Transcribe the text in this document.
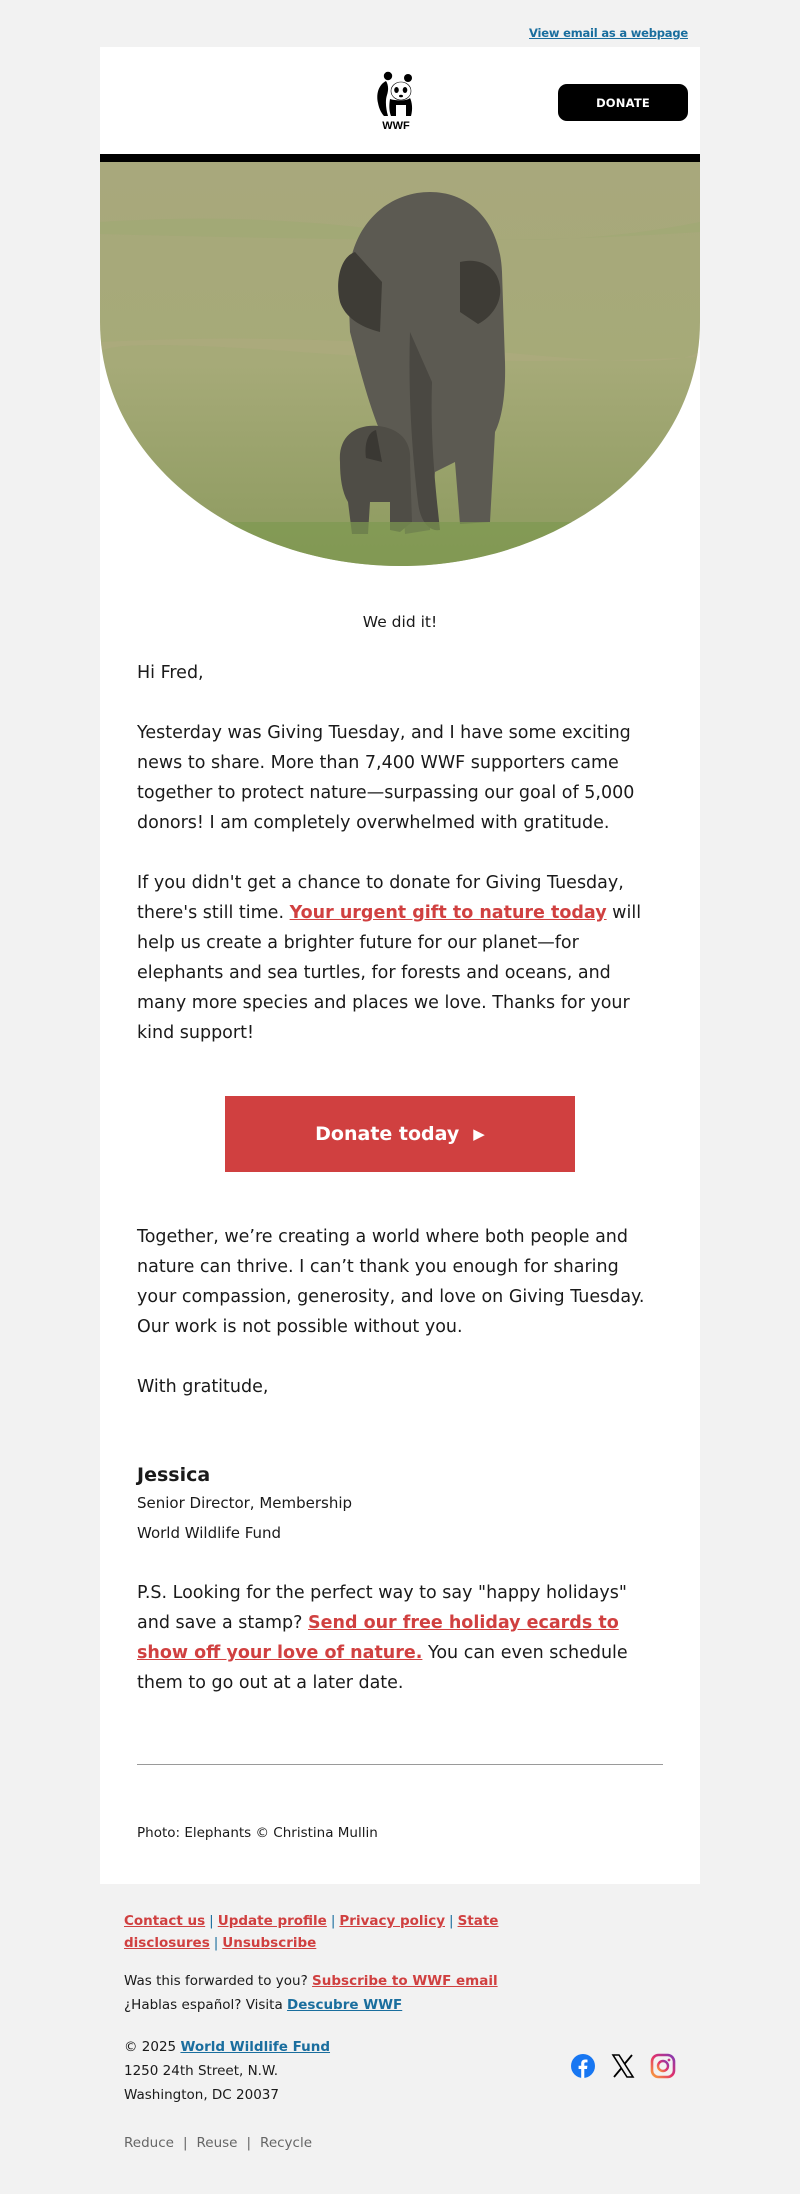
View email as a webpage
WWF
DONATE
We did it!

Hi Fred,

Yesterday was Giving Tuesday, and I have some exciting news to share. More than 7,400 WWF supporters came together to protect nature—surpassing our goal of 5,000 donors! I am completely overwhelmed with gratitude.

If you didn't get a chance to donate for Giving Tuesday, there's still time. Your urgent gift to nature today will help us create a brighter future for our planet—for elephants and sea turtles, for forests and oceans, and many more species and places we love. Thanks for your kind support!

Donate today ▶

Together, we’re creating a world where both people and nature can thrive. I can’t thank you enough for sharing your compassion, generosity, and love on Giving Tuesday. Our work is not possible without you.

With gratitude,

Jessica
Senior Director, Membership
World Wildlife Fund

P.S. Looking for the perfect way to say "happy holidays" and save a stamp? Send our free holiday ecards to show off your love of nature. You can even schedule them to go out at a later date.

Photo: Elephants © Christina Mullin
Contact us | Update profile | Privacy policy | State disclosures | Unsubscribe
Was this forwarded to you? Subscribe to WWF email
¿Hablas español? Visita Descubre WWF
© 2025 World Wildlife Fund
1250 24th Street, N.W.
Washington, DC 20037
Reduce | Reuse | Recycle
